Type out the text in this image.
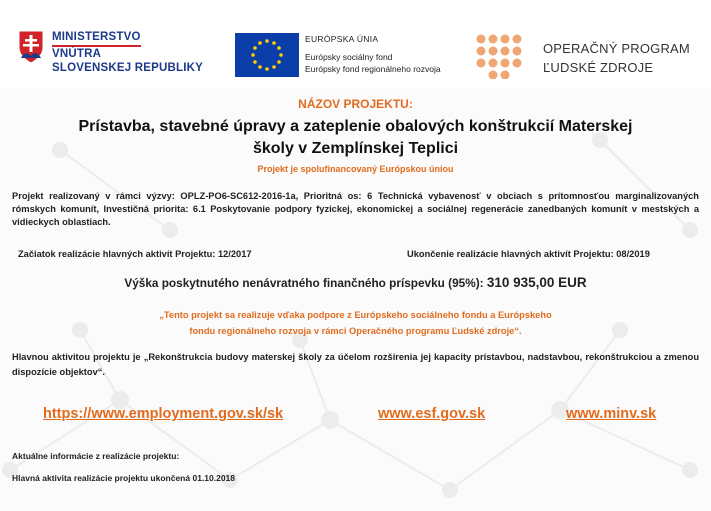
MINISTERSTVO
VNÚTRA
SLOVENSKEJ REPUBLIKY
EURÓPSKA ÚNIA
Európsky sociálny fond
Európsky fond regionálneho rozvoja
OPERAČNÝ PROGRAM
ĽUDSKÉ ZDROJE
NÁZOV PROJEKTU:
Prístavba, stavebné úpravy a zateplenie obalových konštrukcií Materskej
školy v Zemplínskej Teplici
Projekt je spolufinancovaný Európskou úniou
Projekt realizovaný v rámci výzvy: OPLZ-PO6-SC612-2016-1a, Prioritná os: 6 Technická vybavenosť v obciach s prítomnosťou marginalizovaných rómskych komunít, Investičná priorita: 6.1 Poskytovanie podpory fyzickej, ekonomickej a sociálnej regenerácie zanedbaných komunít v mestských a vidieckych oblastiach.
Začiatok realizácie hlavných aktivít Projektu: 12/2017	Ukončenie realizácie hlavných aktivít Projektu: 08/2019
Výška poskytnutého nenávratného finančného príspevku (95%): 310 935,00 EUR
„Tento projekt sa realizuje vďaka podpore z Európskeho sociálneho fondu a Európskeho
fondu regionálneho rozvoja v rámci Operačného programu Ľudské zdroje“.
Hlavnou aktivitou projektu je „Rekonštrukcia budovy materskej školy za účelom rozšírenia jej kapacity prístavbou, nadstavbou, rekonštrukciou a zmenou dispozície objektov“.
https://www.employment.gov.sk/sk	www.esf.gov.sk	www.minv.sk
Aktuálne informácie z realizácie projektu:
Hlavná aktivita realizácie projektu ukončená 01.10.2018
